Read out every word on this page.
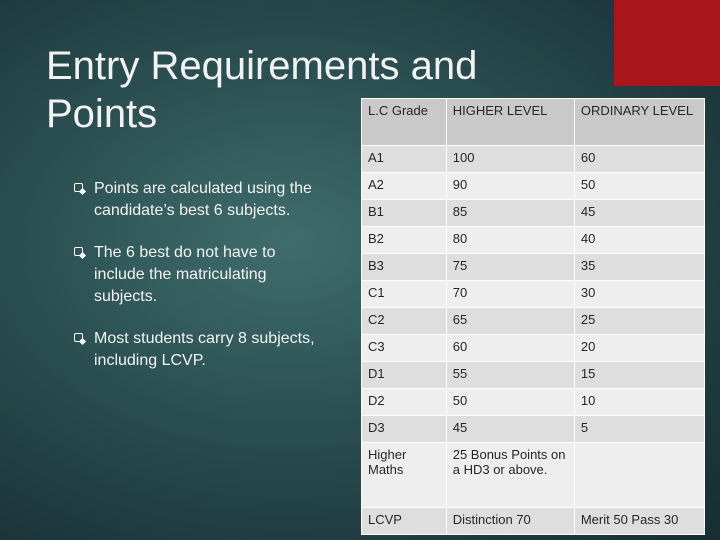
Entry Requirements and
Points
Points are calculated using the candidate’s best 6 subjects.
The 6 best do not have to include the matriculating subjects.
Most students carry 8 subjects, including LCVP.
L.C Grade	HIGHER LEVEL	ORDINARY LEVEL
A1	100	60
A2	90	50
B1	85	45
B2	80	40
B3	75	35
C1	70	30
C2	65	25
C3	60	20
D1	55	15
D2	50	10
D3	45	5
Higher Maths	25 Bonus Points on a HD3 or above.	
LCVP	Distinction 70	Merit 50 Pass 30
